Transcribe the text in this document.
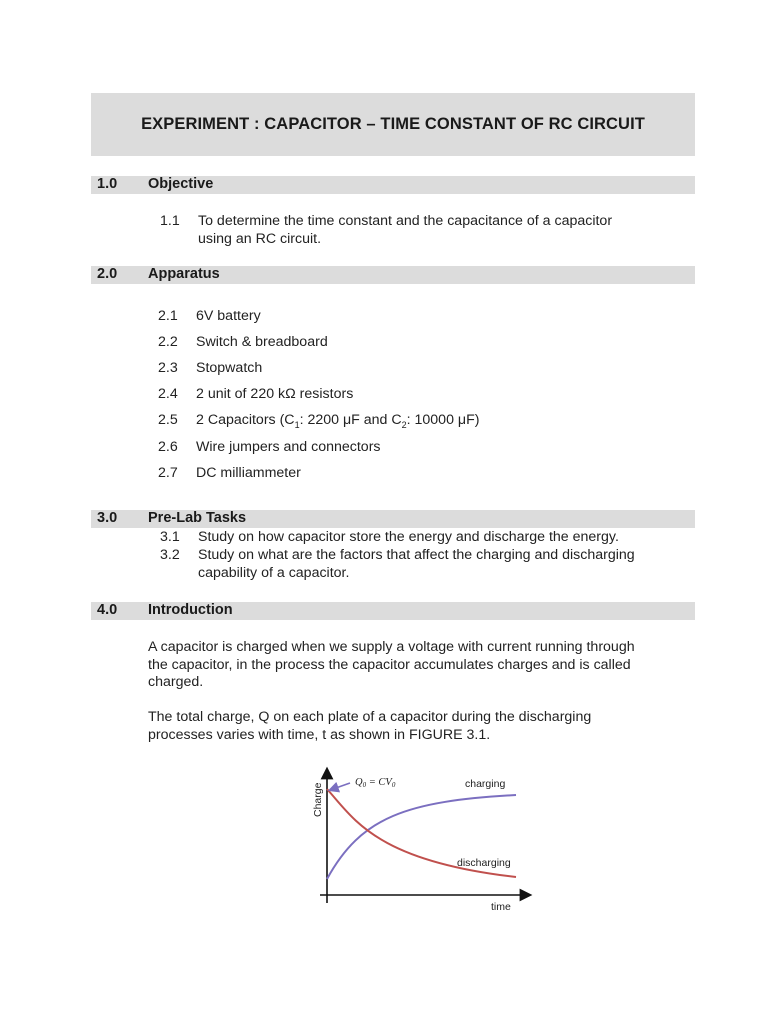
EXPERIMENT : CAPACITOR – TIME CONSTANT OF RC CIRCUIT
1.0 Objective
1.1 To determine the time constant and the capacitance of a capacitor
using an RC circuit.
2.0 Apparatus
2.1 6V battery
2.2 Switch & breadboard
2.3 Stopwatch
2.4 2 unit of 220 kΩ resistors
2.5 2 Capacitors ($C_1$: 2200 μF and $C_2$: 10000 μF)
2.6 Wire jumpers and connectors
2.7 DC milliammeter
3.0 Pre-Lab Tasks
3.1 Study on how capacitor store the energy and discharge the energy.
3.2 Study on what are the factors that affect the charging and discharging
capability of a capacitor.
4.0 Introduction
A capacitor is charged when we supply a voltage with current running through
the capacitor, in the process the capacitor accumulates charges and is called
charged.
The total charge, Q on each plate of a capacitor during the discharging
processes varies with time, t as shown in FIGURE 3.1.
Charge
time
Q0 = CV0	charging
discharging
